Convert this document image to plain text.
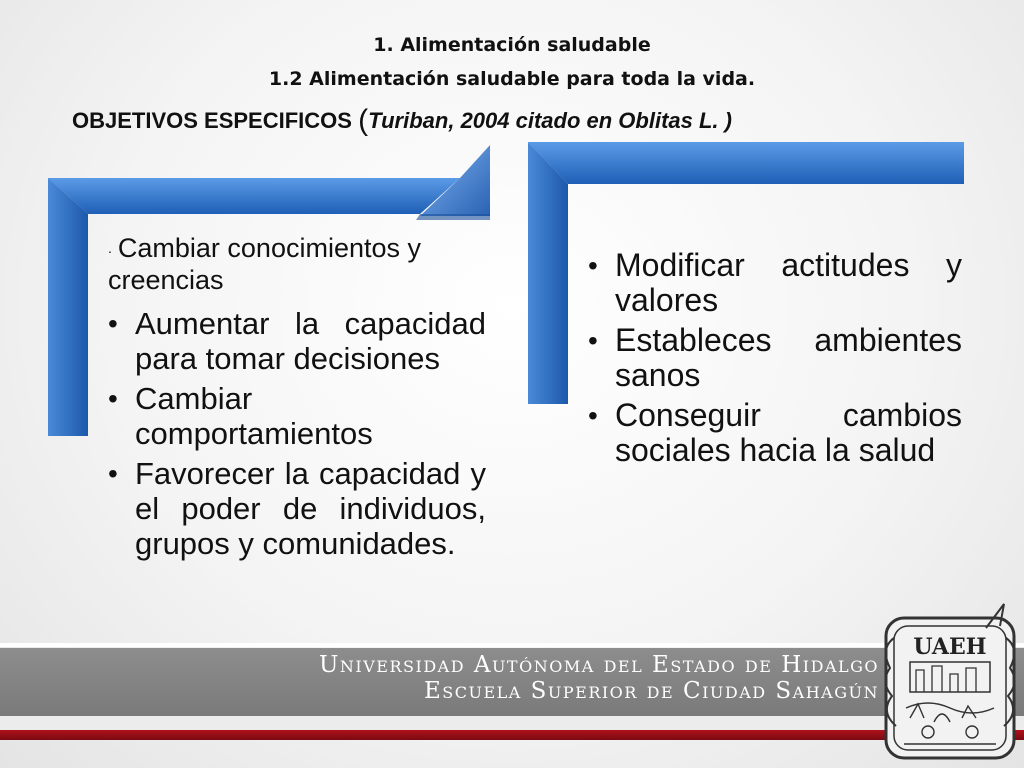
1. Alimentación saludable
1.2 Alimentación saludable para toda la vida.
OBJETIVOS ESPECIFICOS (Turiban, 2004 citado en Oblitas L. )

. Cambiar conocimientos y creencias

• Aumentar la capacidad para tomar decisiones
• Cambiar comportamientos
• Favorecer la capacidad y el poder de individuos, grupos y comunidades.
• Modificar actitudes y valores
• Estableces ambientes sanos
• Conseguir cambios sociales hacia la salud
Universidad Autónoma del Estado de Hidalgo
Escuela Superior de Ciudad Sahagún
UAEH
